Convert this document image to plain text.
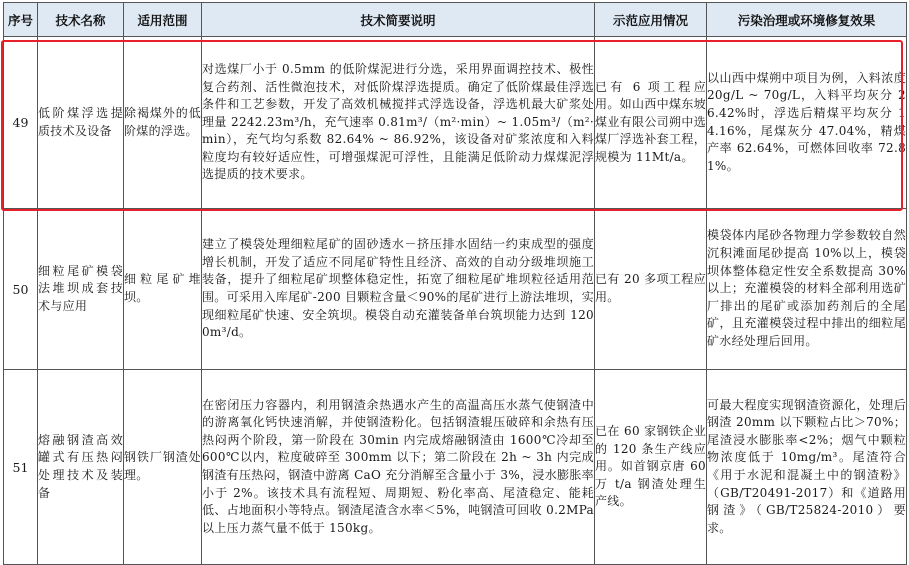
序号	技术名称	适用范围	技术简要说明	示范应用情况	污染治理或环境修复效果
49	低阶煤浮选提质技术及设备	除褐煤外的低阶煤的浮选。	对选煤厂小于 0.5mm 的低阶煤泥进行分选，采用界面调控技术、极性复合药剂、活性微泡技术，对低阶煤浮选提质。确定了低阶煤最佳浮选条件和工艺参数，开发了高效机械搅拌式浮选设备，浮选机最大矿浆处理量 2242.23m³/h，充气速率 0.81m³/（m²·min）~ 1.05m³/（m²·min），充气均匀系数 82.64% ~ 86.92%，该设备对矿浆浓度和入料粒度均有较好适应性，可增强煤泥可浮性，且能满足低阶动力煤煤泥浮选提质的技术要求。	已有 6 项工程应用。如山西中煤东坡煤业有限公司朔中选煤厂浮选补套工程，规模为 11Mt/a。	以山西中煤朔中项目为例，入料浓度 20g/L ~ 70g/L，入料平均灰分 26.42%时，浮选后精煤平均灰分 14.16%，尾煤灰分 47.04%，精煤产率 62.64%，可燃体回收率 72.81%。
50	细粒尾矿模袋法堆坝成套技术与应用	细粒尾矿堆坝。	建立了模袋处理细粒尾矿的固砂透水－挤压排水固结一约束成型的强度增长机制，开发了适应不同尾矿特性且经济、高效的自动分级堆坝施工装备，提升了细粒尾矿坝整体稳定性，拓宽了细粒尾矿堆坝粒径适用范围。可采用入库尾矿-200 目颗粒含量＜90%的尾矿进行上游法堆坝，实现细粒尾矿快速、安全筑坝。模袋自动充灌装备单台筑坝能力达到 1200m³/d。	已有 20 多项工程应用。	模袋体内尾砂各物理力学参数较自然沉积滩面尾砂提高 10%以上，模袋坝体整体稳定性安全系数提高 30%以上；充灌模袋的材料全部利用选矿厂排出的尾矿或添加药剂后的全尾矿，且充灌模袋过程中排出的细粒尾矿水经处理后回用。
51	熔融钢渣高效罐式有压热闷处理技术及装备	钢铁厂钢渣处理。	在密闭压力容器内，利用钢渣余热遇水产生的高温高压水蒸气使钢渣中的游离氧化钙快速消解，并使钢渣粉化。包括钢渣辊压破碎和余热有压热闷两个阶段，第一阶段在 30min 内完成熔融钢渣由 1600℃冷却至 600℃以内，粒度破碎至 300mm 以下；第二阶段在 2h ~ 3h 内完成钢渣有压热闷，钢渣中游离 CaO 充分消解至含量小于 3%，浸水膨胀率小于 2%。该技术具有流程短、周期短、粉化率高、尾渣稳定、能耗低、占地面积小等特点。钢渣尾渣含水率＜5%，吨钢渣可回收 0.2MPa 以上压力蒸气量不低于 150kg。	已在 60 家钢铁企业的 120 条生产线应用。如首钢京唐 60 万 t/a 钢渣处理生产线。	可最大程度实现钢渣资源化，处理后钢渣 20mm 以下颗粒占比＞70%；尾渣浸水膨胀率<2%；烟气中颗粒物浓度低于 10mg/m³。尾渣符合《用于水泥和混凝土中的钢渣粉》（GB/T20491-2017）和《道路用钢渣》（GB/T25824-2010）要求。
